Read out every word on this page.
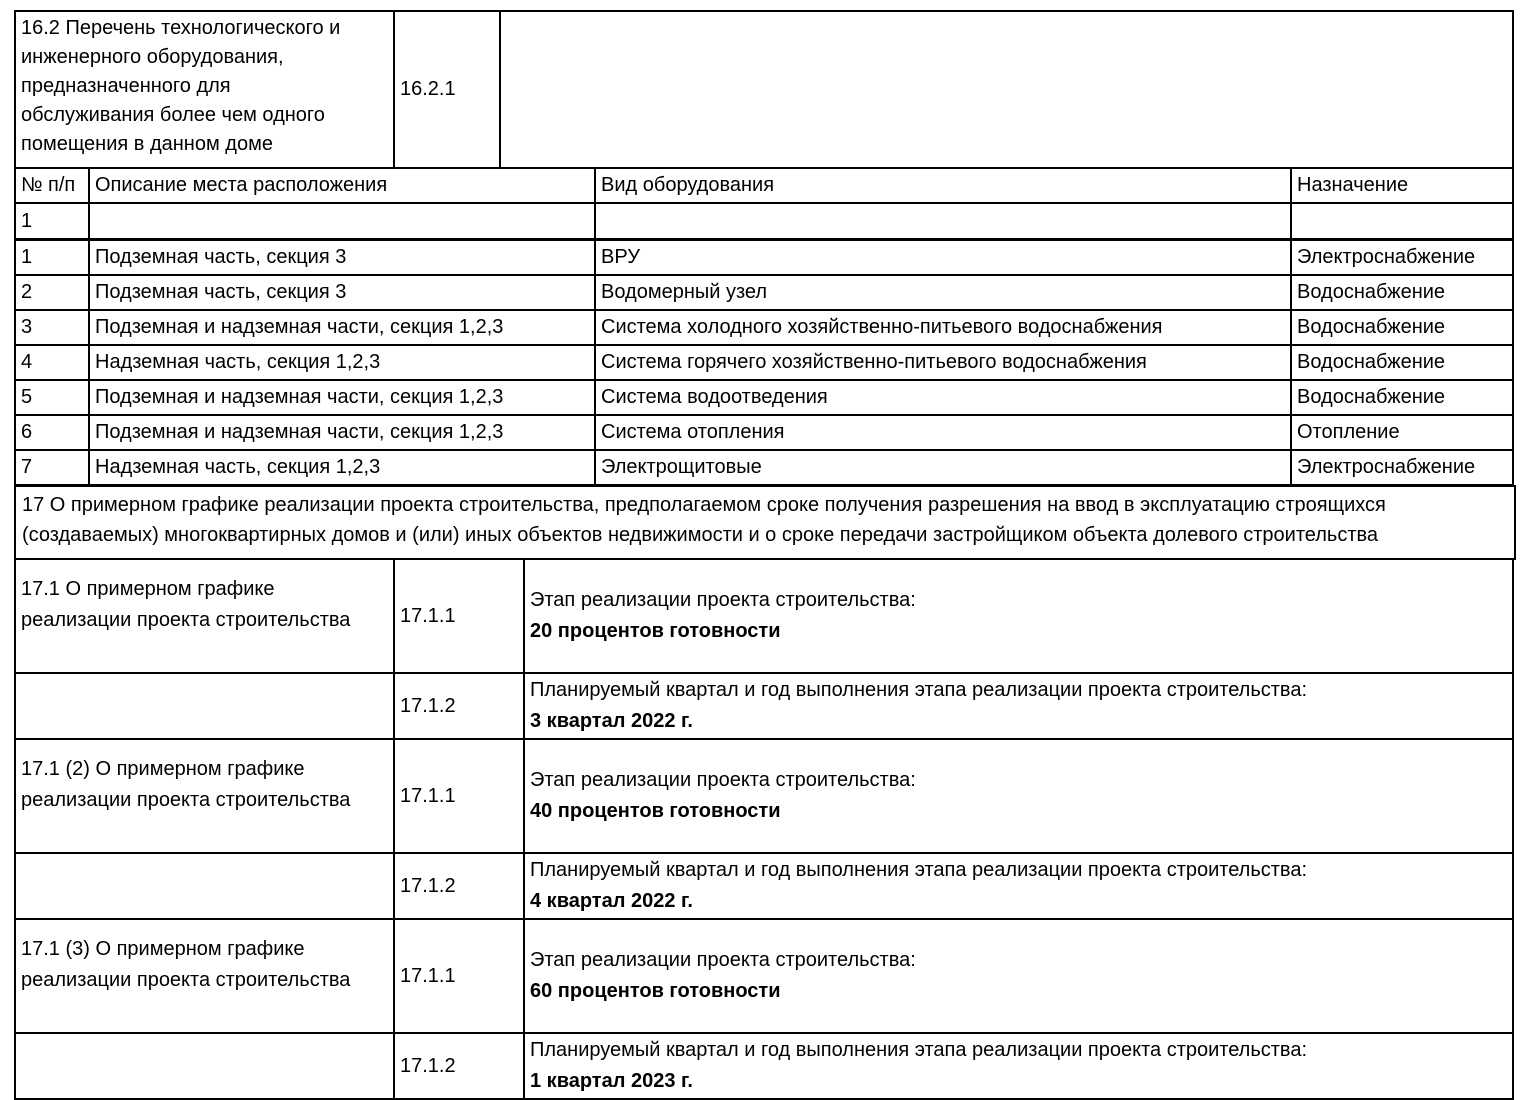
16.2 Перечень технологического и инженерного оборудования, предназначенного для обслуживания более чем одного помещения в данном доме	16.2.1	
№ п/п	Описание места расположения	Вид оборудования	Назначение
1			
1	Подземная часть, секция 3	ВРУ	Электроснабжение
2	Подземная часть, секция 3	Водомерный узел	Водоснабжение
3	Подземная и надземная части, секция 1,2,3	Система холодного хозяйственно-питьевого водоснабжения	Водоснабжение
4	Надземная часть, секция 1,2,3	Система горячего хозяйственно-питьевого водоснабжения	Водоснабжение
5	Подземная и надземная части, секция 1,2,3	Система водоотведения	Водоснабжение
6	Подземная и надземная части, секция 1,2,3	Система отопления	Отопление
7	Надземная часть, секция 1,2,3	Электрощитовые	Электроснабжение
17 О примерном графике реализации проекта строительства, предполагаемом сроке получения разрешения на ввод в эксплуатацию строящихся (создаваемых) многоквартирных домов и (или) иных объектов недвижимости и о сроке передачи застройщиком объекта долевого строительства
17.1 О примерном графике реализации проекта строительства	17.1.1	Этап реализации проекта строительства:
20 процентов готовности

	17.1.2	Планируемый квартал и год выполнения этапа реализации проекта строительства:
3 квартал 2022 г.

17.1 (2) О примерном графике реализации проекта строительства	17.1.1	Этап реализации проекта строительства:
40 процентов готовности

	17.1.2	Планируемый квартал и год выполнения этапа реализации проекта строительства:
4 квартал 2022 г.

17.1 (3) О примерном графике реализации проекта строительства	17.1.1	Этап реализации проекта строительства:
60 процентов готовности

	17.1.2	Планируемый квартал и год выполнения этапа реализации проекта строительства:
1 квартал 2023 г.
